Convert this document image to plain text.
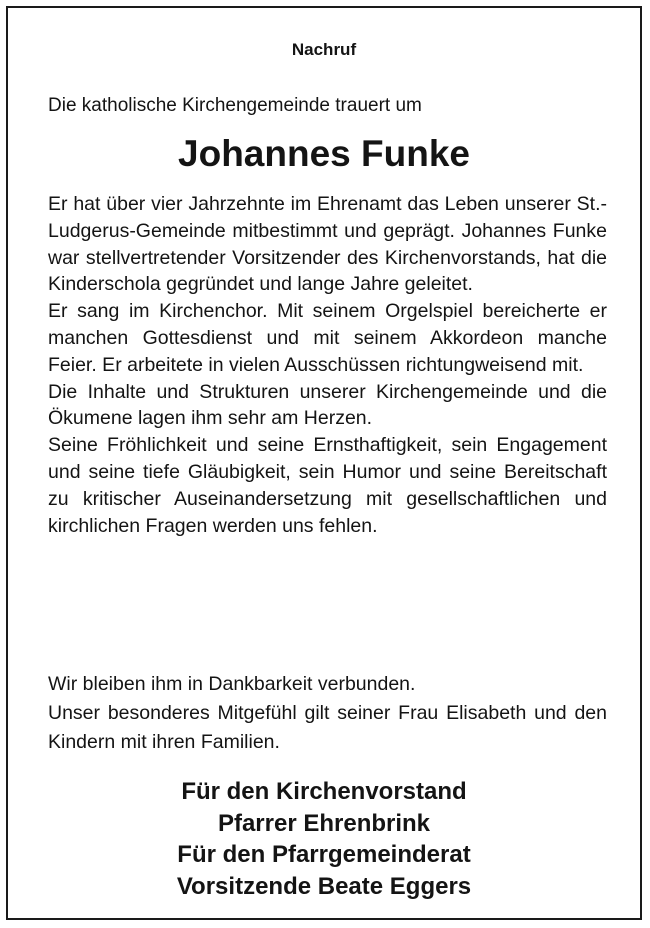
Nachruf

Die katholische Kirchengemeinde trauert um

Johannes Funke

Er hat über vier Jahrzehnte im Ehrenamt das Leben unserer St.-Ludgerus-Gemeinde mitbestimmt und geprägt. Johannes Funke war stellvertretender Vorsitzender des Kirchenvorstands, hat die Kinderschola gegründet und lange Jahre geleitet.

Er sang im Kirchenchor. Mit seinem Orgelspiel bereicherte er manchen Gottesdienst und mit seinem Akkordeon manche Feier. Er arbeitete in vielen Ausschüssen richtungweisend mit.

Die Inhalte und Strukturen unserer Kirchengemeinde und die Ökumene lagen ihm sehr am Herzen.

Seine Fröhlichkeit und seine Ernsthaftigkeit, sein Engagement und seine tiefe Gläubigkeit, sein Humor und seine Bereitschaft zu kritischer Auseinandersetzung mit gesellschaftlichen und kirchlichen Fragen werden uns fehlen.

Wir bleiben ihm in Dankbarkeit verbunden.

Unser besonderes Mitgefühl gilt seiner Frau Elisabeth und den Kindern mit ihren Familien.

Für den Kirchenvorstand
Pfarrer Ehrenbrink
Für den Pfarrgemeinderat
Vorsitzende Beate Eggers
